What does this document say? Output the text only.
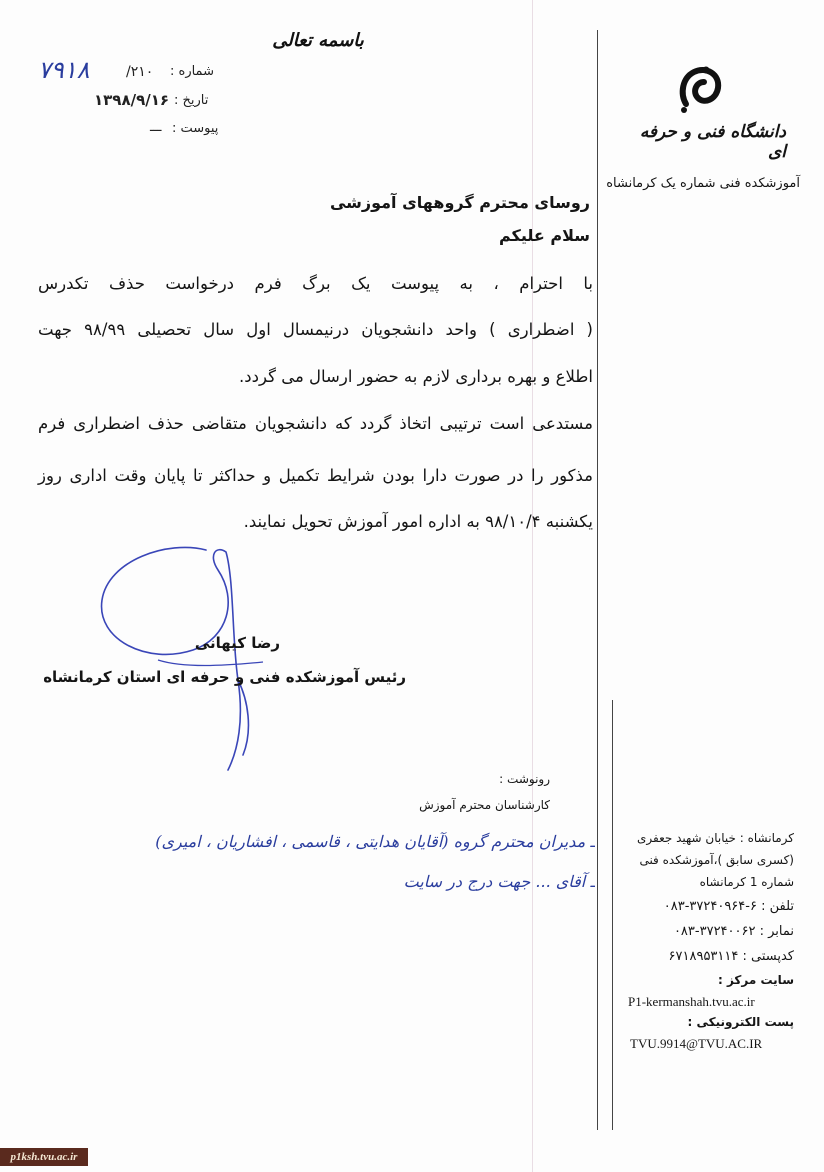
باسمه تعالی
۷۹۱۸	/۲۱۰ شماره :
۱۳۹۸/۹/۱۶ تاریخ :
ـــ پیوست :	دانشگاه فنی و حرفه ای
آموزشکده فنی شماره یک کرمانشاه
روسای محترم گروههای آموزشی
سلام علیکم
با احترام ، به پیوست یک برگ فرم درخواست حذف تکدرس
( اضطراری ) واحد دانشجویان درنیمسال اول سال تحصیلی ۹۸/۹۹ جهت
اطلاع و بهره برداری لازم به حضور ارسال می گردد.
مستدعی است ترتیبی اتخاذ گردد که دانشجویان متقاضی حذف اضطراری فرم
مذکور را در صورت دارا بودن شرایط تکمیل و حداکثر تا پایان وقت اداری روز
یکشنبه ۹۸/۱۰/۴ به اداره امور آموزش تحویل نمایند.
رضا کیهانی
رئیس آموزشکده فنی و حرفه ای استان کرمانشاه
رونوشت :
کارشناسان محترم آموزش
ـ مدیران محترم گروه (آقایان هدایتی ، قاسمی ، افشاریان ، امیری)
ـ آقای ... جهت درج در سایت
کرمانشاه : خیابان شهید جعفری
(کسری سابق )،آموزشکده فنی
شماره 1 کرمانشاه
تلفن : ۶-۳۷۲۴۰۹۶۴-۰۸۳
نمابر : ۳۷۲۴۰۰۶۲-۰۸۳
کدپستی : ۶۷۱۸۹۵۳۱۱۴
سایت مرکز :
P1-kermanshah.tvu.ac.ir
پست الکترونیکی :
TVU.9914@TVU.AC.IR
p1ksh.tvu.ac.ir
